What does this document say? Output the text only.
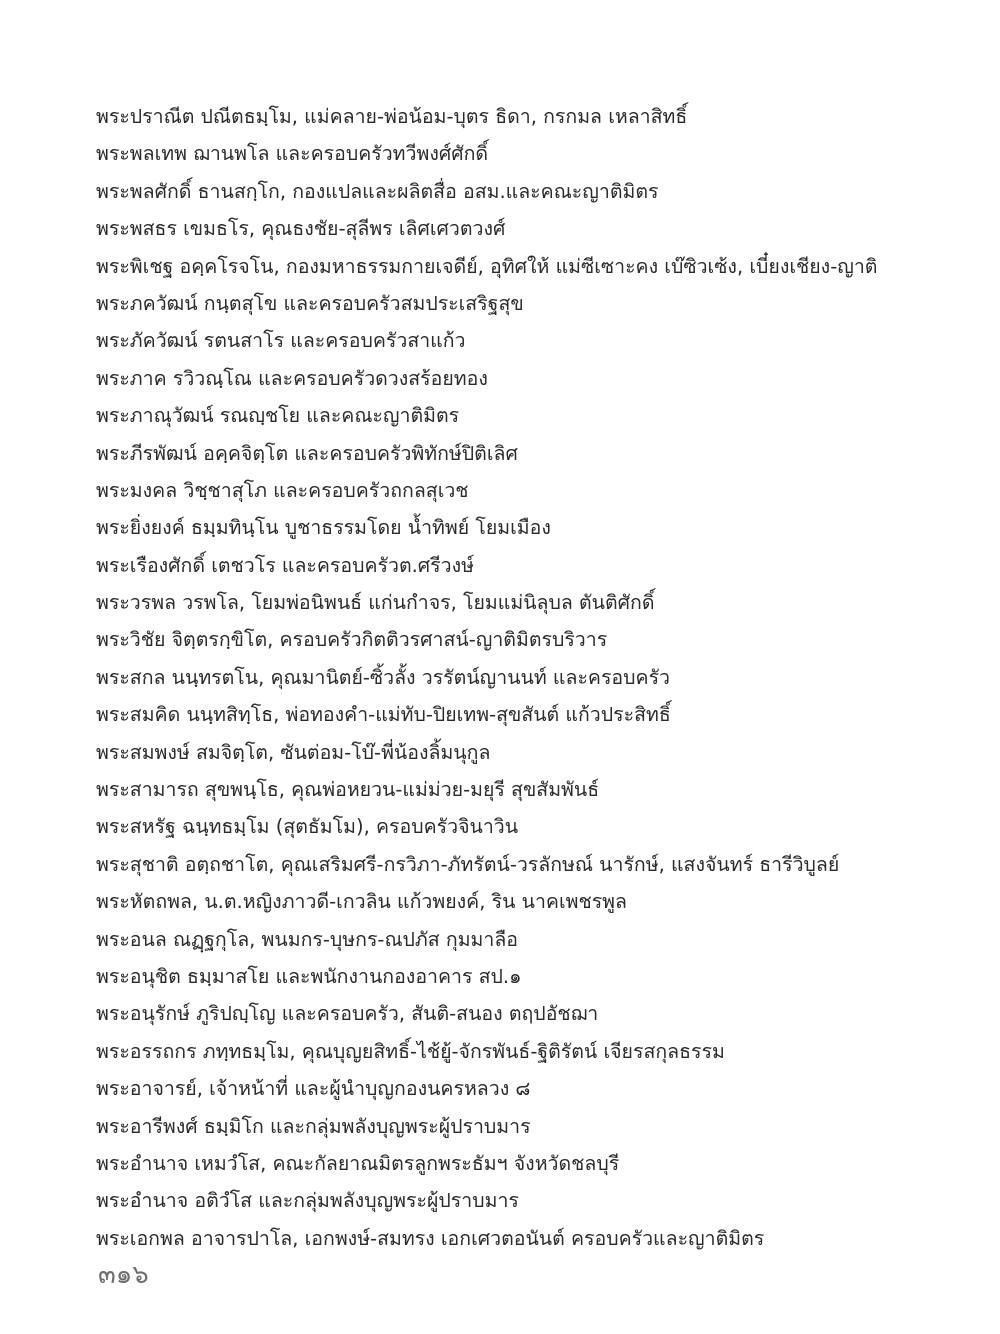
พระปราณีต ปณีตธมฺโม, แม่คลาย-พ่อน้อม-บุตร ธิดา, กรกมล เหลาสิทธิ์
พระพลเทพ ฌานพโล และครอบครัวทวีพงศ์ศักดิ์
พระพลศักดิ์ ธานสกฺโก, กองแปลและผลิตสื่อ อสม.และคณะญาติมิตร
พระพสธร เขมธโร, คุณธงชัย-สุลีพร เลิศเศวตวงศ์
พระพิเชฐ อคฺคโรจโน, กองมหาธรรมกายเจดีย์, อุทิศให้ แม่ซีเซาะคง เบ๊ซิวเซ้ง, เบี๋ยงเชียง-ญาติ
พระภควัฒน์ กนฺตสุโข และครอบครัวสมประเสริฐสุข
พระภัควัฒน์ รตนสาโร และครอบครัวสาแก้ว
พระภาค รวิวณฺโณ และครอบครัวดวงสร้อยทอง
พระภาณุวัฒน์ รณญฺชโย และคณะญาติมิตร
พระภีรพัฒน์ อคฺคจิตฺโต และครอบครัวพิทักษ์ปิติเลิศ
พระมงคล วิชฺชาสุโภ และครอบครัวถกลสุเวช
พระยิ่งยงค์ ธมฺมทินฺโน บูชาธรรมโดย น้ำทิพย์ โยมเมือง
พระเรืองศักดิ์ เตชวโร และครอบครัวต.ศรีวงษ์
พระวรพล วรพโล, โยมพ่อนิพนธ์ แก่นกำจร, โยมแม่นิลุบล ตันติศักดิ์
พระวิชัย จิตฺตรกฺขิโต, ครอบครัวกิตติวรศาสน์-ญาติมิตรบริวาร
พระสกล นนฺทรตโน, คุณมานิตย์-ซิ้วลั้ง วรรัตน์ญานนท์ และครอบครัว
พระสมคิด นนฺทสิทฺโธ, พ่อทองคำ-แม่ทับ-ปิยเทพ-สุขสันต์ แก้วประสิทธิ์
พระสมพงษ์ สมจิตฺโต, ซันต่อม-โบ๊-พี่น้องลิ้มนุกูล
พระสามารถ สุขพนฺโธ, คุณพ่อหยวน-แม่ม่วย-มยุรี สุขสัมพันธ์
พระสหรัฐ ฉนฺทธมฺโม (สุตธัมโม), ครอบครัวจินาวิน
พระสุชาติ อตฺถชาโต, คุณเสริมศรี-กรวิภา-ภัทรัตน์-วรลักษณ์ นารักษ์, แสงจันทร์ ธารีวิบูลย์
พระหัตถพล, น.ต.หญิงภาวดี-เกวลิน แก้วพยงค์, ริน นาคเพชรพูล
พระอนล ณฏฺฐกุโล, พนมกร-บุษกร-ณปภัส กุมมาลือ
พระอนุชิต ธมฺมาสโย และพนักงานกองอาคาร สป.๑
พระอนุรักษ์ ภูริปญฺโญ และครอบครัว, สันติ-สนอง ตฤปอัชฌา
พระอรรถกร ภทฺทธมฺโม, คุณบุญยสิทธิ์-ไช้ยู้-จักรพันธ์-ฐิติรัตน์ เจียรสกุลธรรม
พระอาจารย์, เจ้าหน้าที่ และผู้นำบุญกองนครหลวง ๘
พระอารีพงศ์ ธมฺมิโก และกลุ่มพลังบุญพระผู้ปราบมาร
พระอำนาจ เหมวํโส, คณะกัลยาณมิตรลูกพระธัมฯ จังหวัดชลบุรี
พระอำนาจ อติวํโส และกลุ่มพลังบุญพระผู้ปราบมาร
พระเอกพล อาจารปาโล, เอกพงษ์-สมทรง เอกเศวตอนันต์ ครอบครัวและญาติมิตร
๓๑๖
